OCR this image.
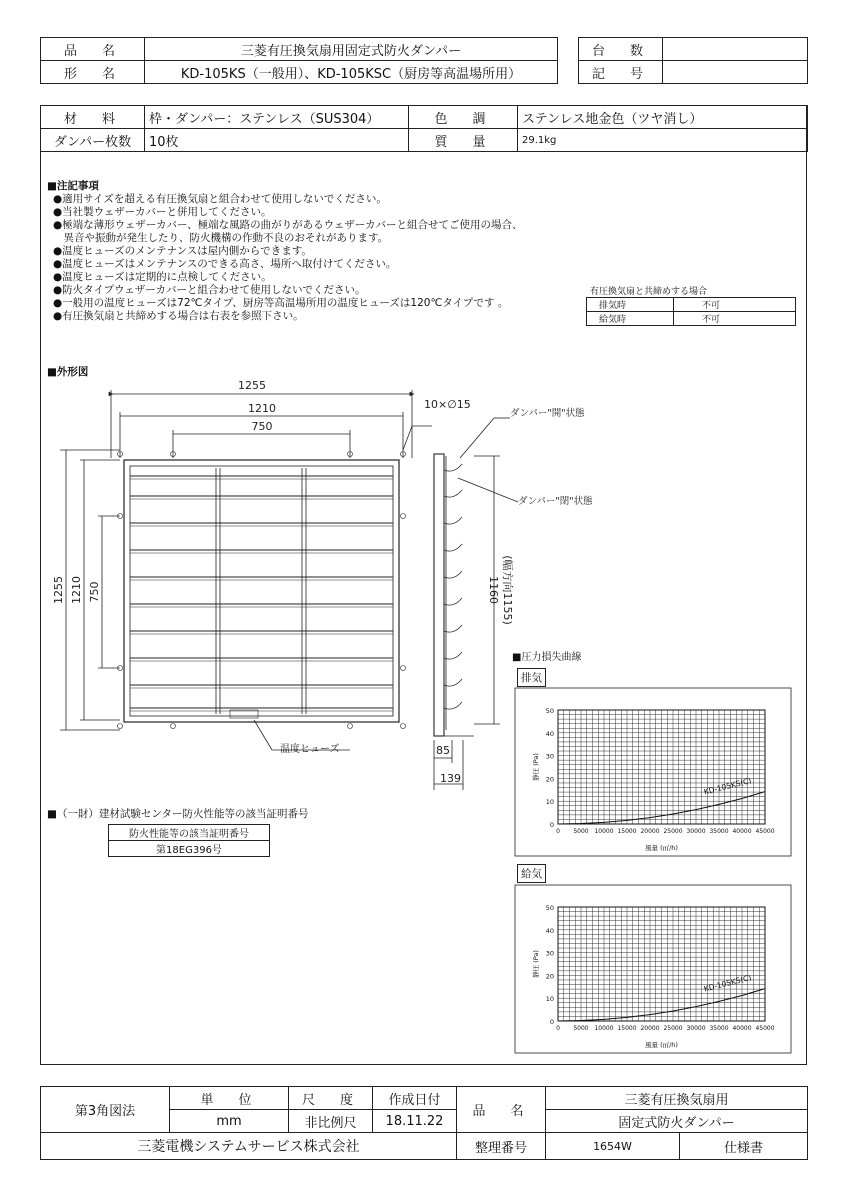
品　名	三菱有圧換気扇用固定式防火ダンパー
形　名	KD-105KS（一般用）、KD-105KSC（厨房等高温場所用）
台　数	
記　号	
材　料	枠・ダンパー：ステンレス（SUS304）	色　調	ステンレス地金色（ツヤ消し）
ダンパー枚数	10枚	質　量	29.1kg
■注記事項
●適用サイズを超える有圧換気扇と組合わせて使用しないでください。
●当社製ウェザーカバーと併用してください。
●極端な薄形ウェザーカバー、極端な風路の曲がりがあるウェザーカバーと組合せてご使用の場合、
　異音や振動が発生したり、防火機構の作動不良のおそれがあります。
●温度ヒューズのメンテナンスは屋内側からできます。
●温度ヒューズはメンテナンスのできる高さ、場所へ取付けてください。
●温度ヒューズは定期的に点検してください。
●防火タイプウェザーカバーと組合わせて使用しないでください。
●一般用の温度ヒューズは72℃タイプ、厨房等高温場所用の温度ヒューズは120℃タイプです 。
●有圧換気扇と共締めする場合は右表を参照下さい。
有圧換気扇と共締めする場合
排気時	不可
給気時	不可
■外形図
1255
1210
750
10×∅15
1255 1210 750
温度ヒューズ
ダンパー"開"状態
ダンパー"閉"状態
1160 (幅方向1155)
85
139
■（一財）建材試験センター防火性能等の該当証明番号
防火性能等の該当証明番号
第18EG396号
■圧力損失曲線
排気
給気
0
10
20
30
40
50
0 5000 10000 15000 20000 25000 30000 35000 40000 45000
風量 (㎥/h)
静圧 (Pa)
KD-105KS(C)
0
10
20
30
40
50
0 5000 10000 15000 20000 25000 30000 35000 40000 45000
風量 (㎥/h)
静圧 (Pa)
KD-105KS(C)
第3角図法	単　位	尺　度	作成日付	品　名	三菱有圧換気扇用	
	mm	非比例尺	18.11.22		固定式防火ダンパー	
三菱電機システムサービス株式会社				整理番号	1654W	仕様書
